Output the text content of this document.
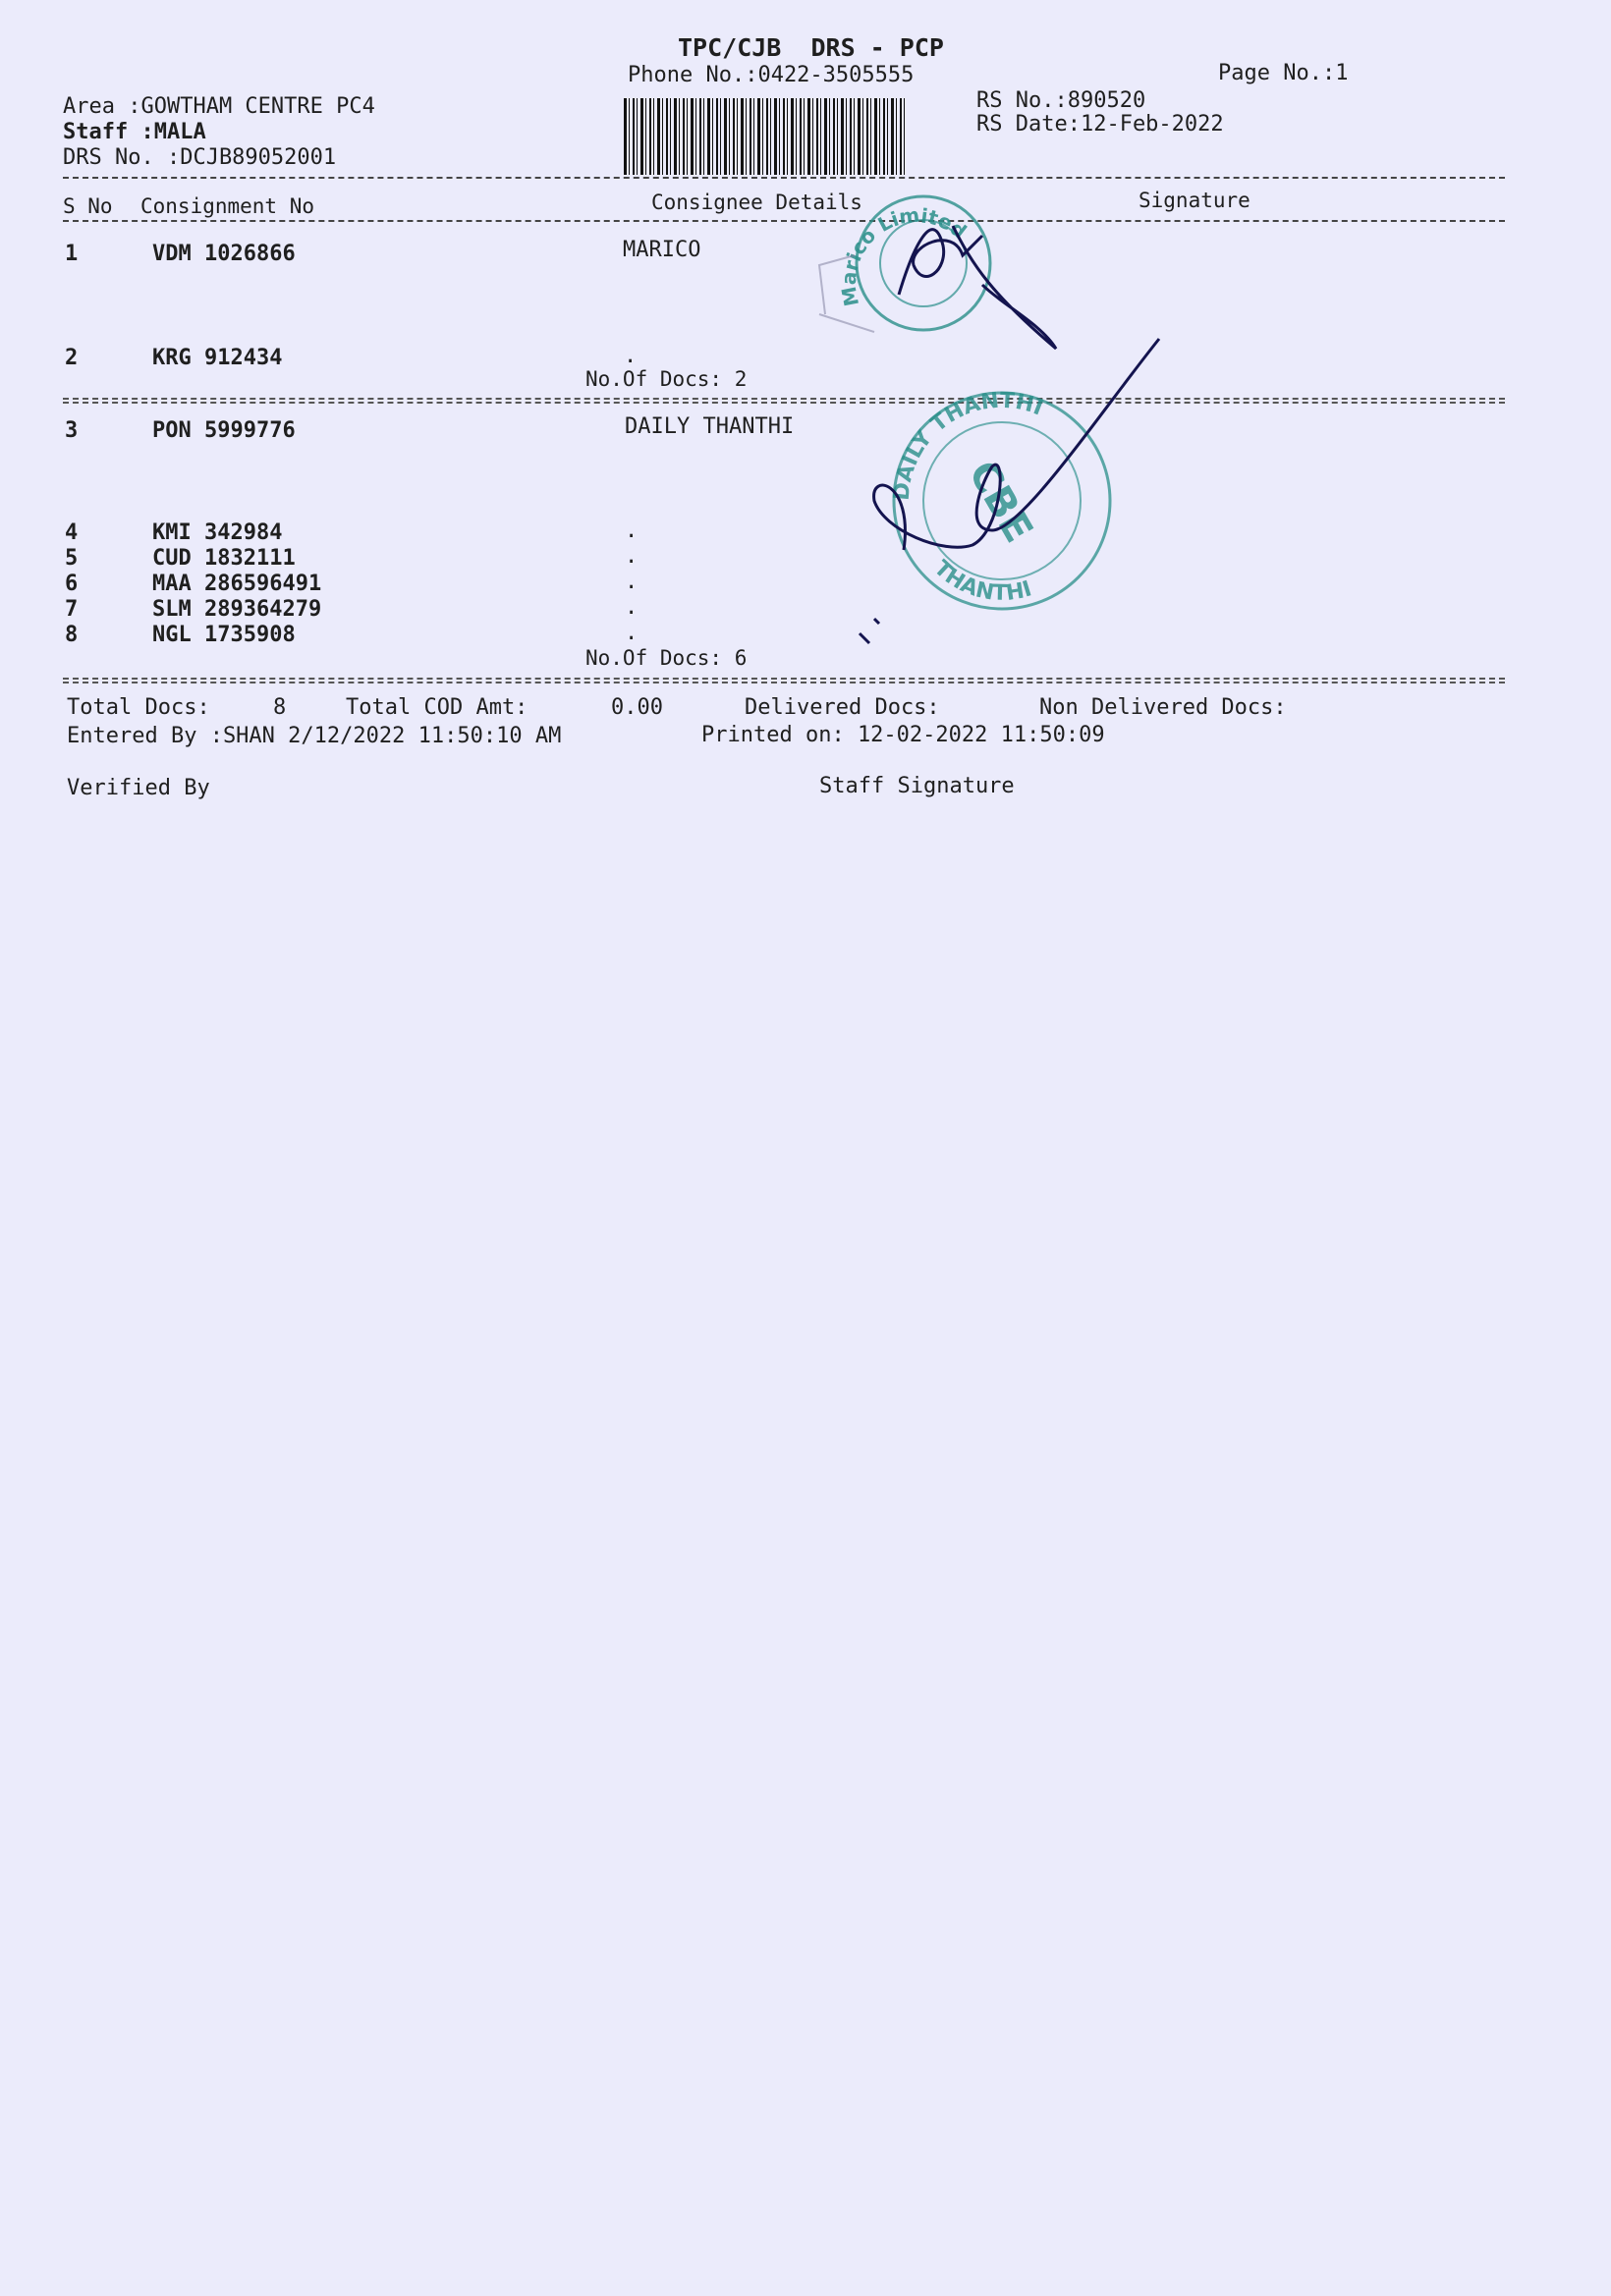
TPC/CJB  DRS - PCP
Phone No.:0422-3505555	Page No.:1
Area :GOWTHAM CENTRE PC4
Staff :MALA
DRS No. :DCJB89052001
RS No.:890520
RS Date:12-Feb-2022
S No Consignment No	Consignee Details	Signature
1	VDM 1026866	MARICO
2	KRG 912434	.
No.Of Docs: 2
3	PON 5999776	DAILY THANTHI
4	KMI 342984	.
5	CUD 1832111	.
6	MAA 286596491	.
7	SLM 289364279	.
8	NGL 1735908	.
No.Of Docs: 6
Total Docs:	8	Total COD Amt:	0.00	Delivered Docs:	Non Delivered Docs:
Entered By :SHAN 2/12/2022 11:50:10 AM	Printed on: 12-02-2022 11:50:09
Verified By	Staff Signature
Marico Limited
DAILY THANTHI
CBE
THANTHI
